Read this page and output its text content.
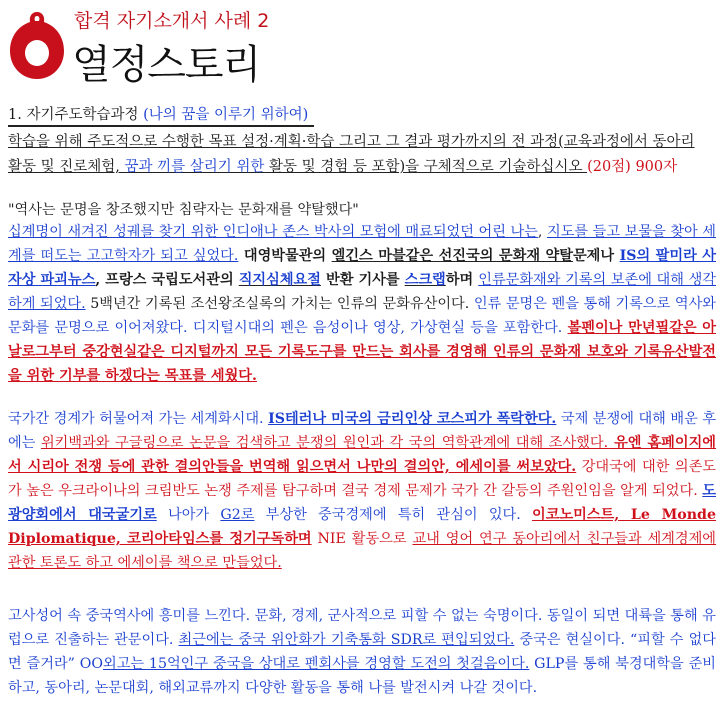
합격 자기소개서 사례 2
열정스토리
1. 자기주도학습과정 (나의 꿈을 이루기 위하여)
학습을 위해 주도적으로 수행한 목표 설정·계획·학습 그리고 그 결과 평가까지의 전 과정(교육과정에서 동아리
활동 및 진로체험, 꿈과 끼를 살리기 위한 활동 및 경험 등 포함)을 구체적으로 기술하십시오 (20점) 900자
"역사는 문명을 창조했지만 침략자는 문화재를 약탈했다"
십계명이 새겨진 성궤를 찾기 위한 인디애나 존스 박사의 모험에 매료되었던 어린 나는, 지도를 들고 보물을 찾아 세계를 떠도는 고고학자가 되고 싶었다. 대영박물관의 엘긴스 마블같은 선진국의 문화재 약탈문제나 IS의 팔미라 사자상 파괴뉴스, 프랑스 국립도서관의 직지심체요절 반환 기사를 스크랩하며 인류문화재와 기록의 보존에 대해 생각하게 되었다. 5백년간 기록된 조선왕조실록의 가치는 인류의 문화유산이다. 인류 문명은 펜을 통해 기록으로 역사와 문화를 문명으로 이어져왔다. 디지털시대의 펜은 음성이나 영상, 가상현실 등을 포함한다. 볼펜이나 만년필같은 아날로그부터 중강현실같은 디지털까지 모든 기록도구를 만드는 회사를 경영해 인류의 문화재 보호와 기록유산발전을 위한 기부를 하겠다는 목표를 세웠다.
국가간 경계가 허물어져 가는 세계화시대. IS테러나 미국의 금리인상 코스피가 폭락한다. 국제 분쟁에 대해 배운 후에는 위키백과와 구글링으로 논문을 검색하고 분쟁의 원인과 각 국의 역학관계에 대해 조사했다. 유엔 홈페이지에서 시리아 전쟁 등에 관한 결의안들을 번역해 읽으면서 나만의 결의안, 에세이를 써보았다. 강대국에 대한 의존도가 높은 우크라이나의 크림반도 논쟁 주제를 탐구하며 결국 경제 문제가 국가 간 갈등의 주원인임을 알게 되었다. 도광양회에서 대국굴기로 나아가 G2로 부상한 중국경제에 특히 관심이 있다. 이코노미스트, Le Monde Diplomatique, 코리아타임스를 정기구독하며 NIE 활동으로 교내 영어 연구 동아리에서 친구들과 세계경제에 관한 토론도 하고 에세이를 책으로 만들었다.
고사성어 속 중국역사에 흥미를 느낀다. 문화, 경제, 군사적으로 피할 수 없는 숙명이다. 동일이 되면 대륙을 통해 유럽으로 진출하는 관문이다. 최근에는 중국 위안화가 기축통화 SDR로 편입되었다. 중국은 현실이다. “피할 수 없다면 즐거라” OO외고는 15억인구 중국을 상대로 펜회사를 경영할 도전의 첫걸음이다. GLP를 통해 북경대학을 준비하고, 동아리, 논문대회, 해외교류까지 다양한 활동을 통해 나를 발전시켜 나갈 것이다.
